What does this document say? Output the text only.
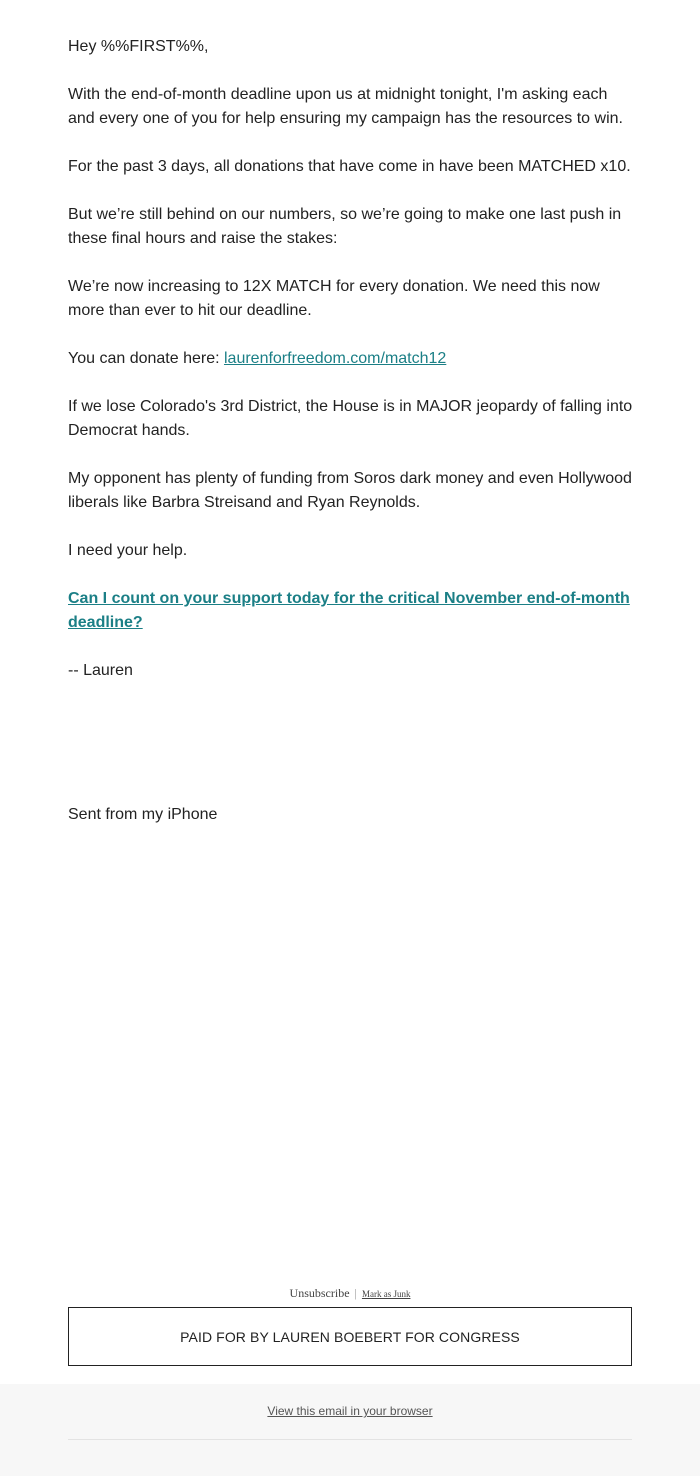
Hey %%FIRST%%,

With the end-of-month deadline upon us at midnight tonight, I'm asking each and every one of you for help ensuring my campaign has the resources to win.

For the past 3 days, all donations that have come in have been MATCHED x10.

But we’re still behind on our numbers, so we’re going to make one last push in these final hours and raise the stakes:

We’re now increasing to 12X MATCH for every donation. We need this now more than ever to hit our deadline.

You can donate here: laurenforfreedom.com/match12

If we lose Colorado's 3rd District, the House is in MAJOR jeopardy of falling into Democrat hands.

My opponent has plenty of funding from Soros dark money and even Hollywood liberals like Barbra Streisand and Ryan Reynolds.

I need your help.

Can I count on your support today for the critical November end-of-month deadline?

-- Lauren

Sent from my iPhone

Unsubscribe | Mark as Junk
PAID FOR BY LAUREN BOEBERT FOR CONGRESS
View this email in your browser
